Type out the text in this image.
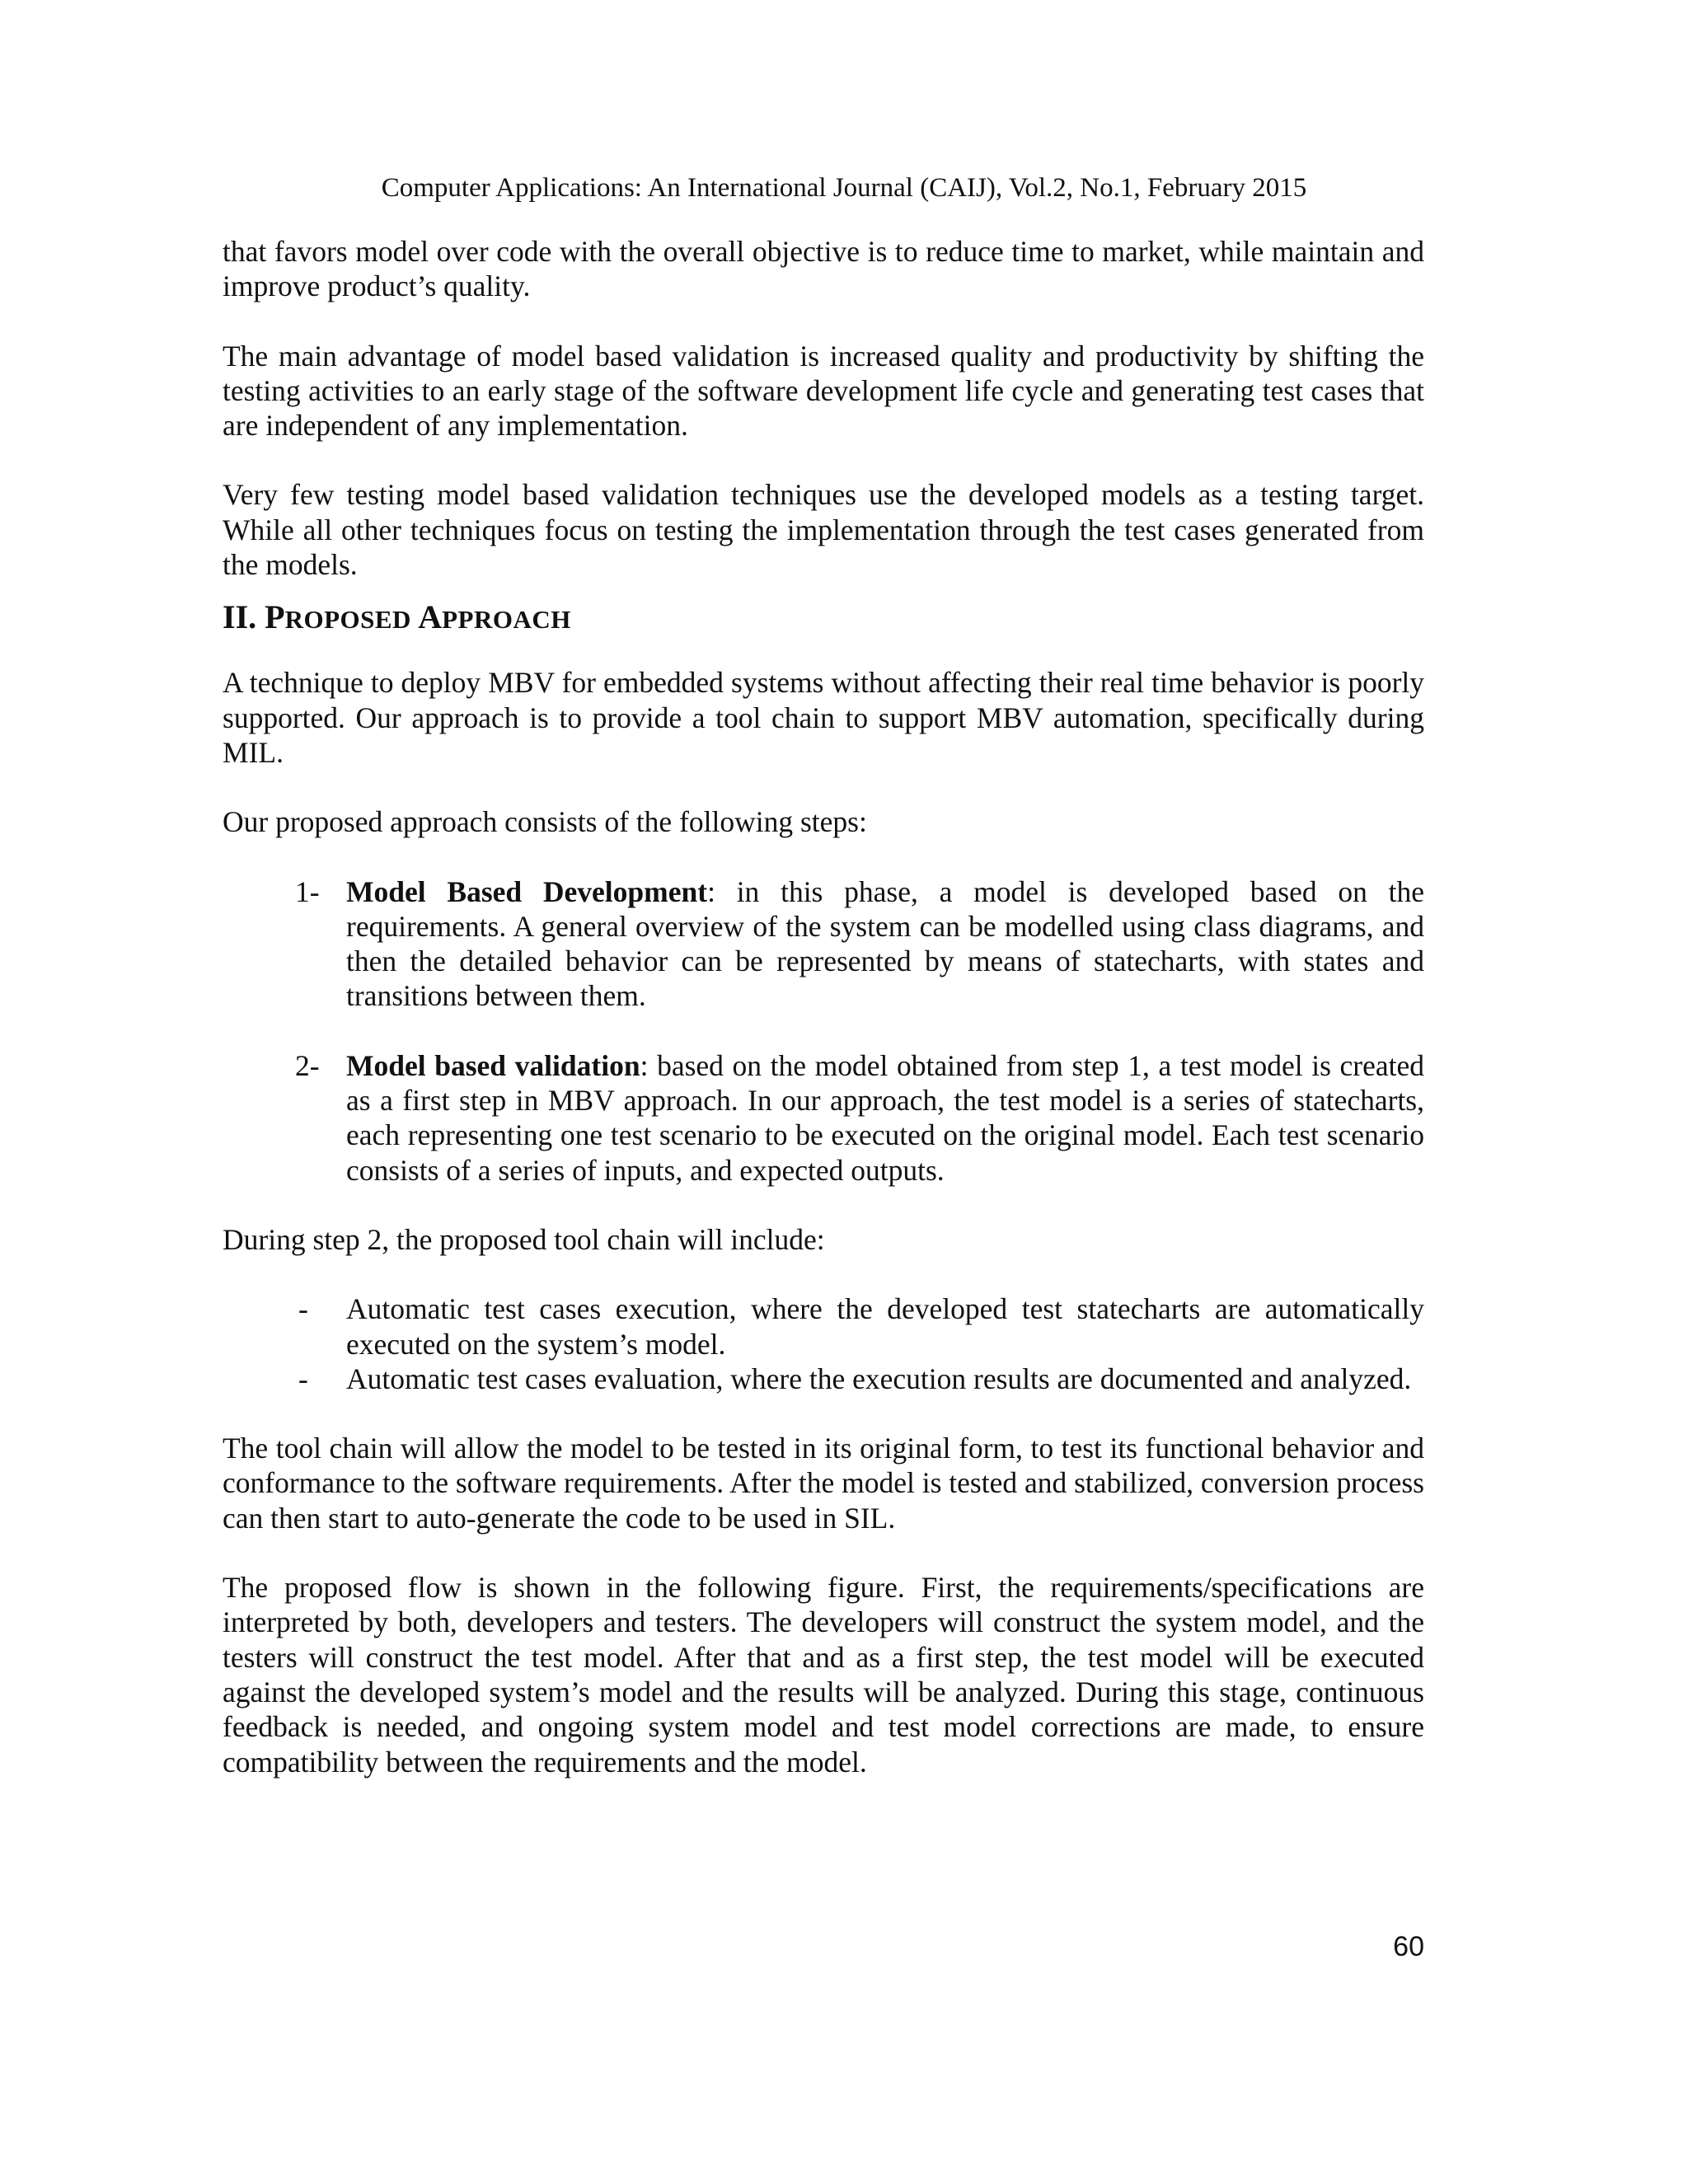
Computer Applications: An International Journal (CAIJ), Vol.2, No.1, February 2015

that favors model over code with the overall objective is to reduce time to market, while maintain and improve product’s quality.

The main advantage of model based validation is increased quality and productivity by shifting the testing activities to an early stage of the software development life cycle and generating test cases that are independent of any implementation.

Very few testing model based validation techniques use the developed models as a testing target. While all other techniques focus on testing the implementation through the test cases generated from the models.

II. PROPOSED APPROACH

A technique to deploy MBV for embedded systems without affecting their real time behavior is poorly supported. Our approach is to provide a tool chain to support MBV automation, specifically during MIL.

Our proposed approach consists of the following steps:

1- Model Based Development: in this phase, a model is developed based on the requirements. A general overview of the system can be modelled using class diagrams, and then the detailed behavior can be represented by means of statecharts, with states and transitions between them.

2- Model based validation: based on the model obtained from step 1, a test model is created as a first step in MBV approach. In our approach, the test model is a series of statecharts, each representing one test scenario to be executed on the original model. Each test scenario consists of a series of inputs, and expected outputs.

During step 2, the proposed tool chain will include:

- Automatic test cases execution, where the developed test statecharts are automatically executed on the system’s model.

- Automatic test cases evaluation, where the execution results are documented and analyzed.

The tool chain will allow the model to be tested in its original form, to test its functional behavior and conformance to the software requirements. After the model is tested and stabilized, conversion process can then start to auto-generate the code to be used in SIL.

The proposed flow is shown in the following figure. First, the requirements/specifications are interpreted by both, developers and testers. The developers will construct the system model, and the testers will construct the test model. After that and as a first step, the test model will be executed against the developed system’s model and the results will be analyzed. During this stage, continuous feedback is needed, and ongoing system model and test model corrections are made, to ensure compatibility between the requirements and the model.

60
